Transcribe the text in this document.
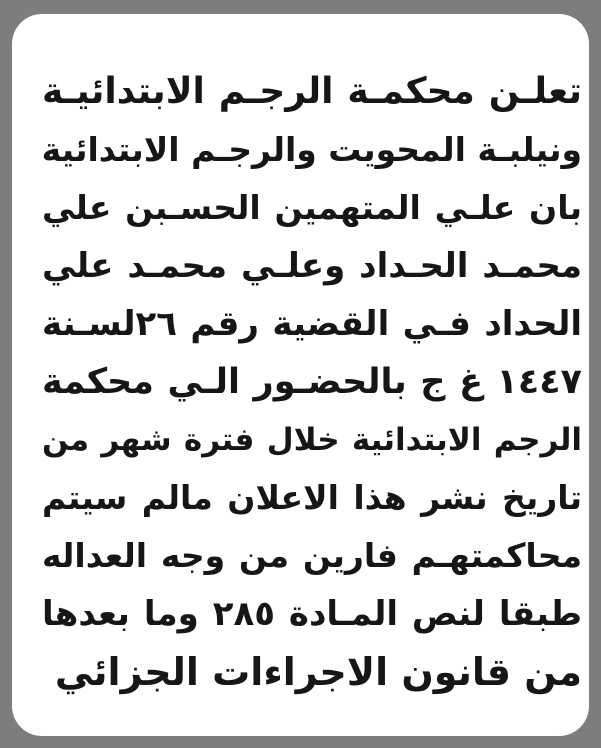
تعلـن محكمـة الرجـم الابتدائيـة
ونيلبـة المحويت والرجـم الابتدائية
بان علـي المتهمين الحسـبن علي
محمـد الحـداد وعلـي محمـد علي
الحداد فـي القضية رقم ٢٦لسـنة
١٤٤٧ غ ج بالحضـور الـي محكمة
الرجم الابتدائية خلال فترة شهر من
تاريخ نشر هذا الاعلان مالم سيتم
محاكمتهـم فارين من وجه العداله
طبقا لنص المـادة ٢٨٥ وما بعدها
من قانون الاجراءات الجزائي
